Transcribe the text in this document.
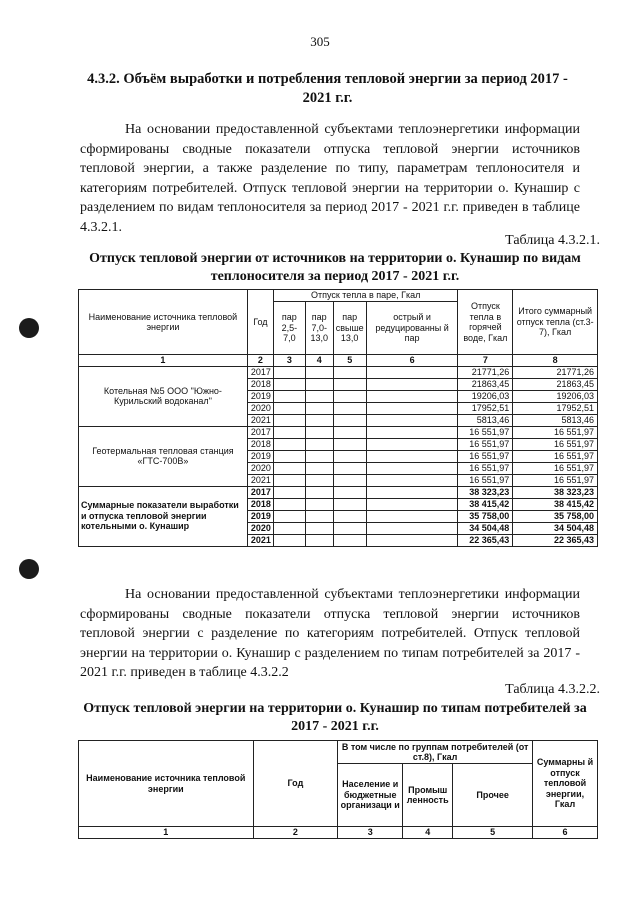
305
4.3.2. Объём выработки и потребления тепловой энергии за период 2017 - 2021 г.г.

На основании предоставленной субъектами теплоэнергетики информации сформированы сводные показатели отпуска тепловой энергии источников тепловой энергии, а также разделение по типу, параметрам теплоносителя и категориям потребителей. Отпуск тепловой энергии на территории о. Кунашир с разделением по видам теплоносителя за период 2017 - 2021 г.г. приведен в таблице 4.3.2.1.

Таблица 4.3.2.1.
Отпуск тепловой энергии от источников на территории о. Кунашир по видам теплоносителя за период 2017 - 2021 г.г.
Наименование источника тепловой энергии	Год	Отпуск тепла в паре, Гкал				Отпуск тепла в горячей воде, Гкал	Итого суммарный отпуск тепла (ст.3-7), Гкал
		пар 2,5-7,0	пар 7,0-13,0	пар свыше 13,0	острый и редуцированны й пар		
1	2	3	4	5	6	7	8
Котельная №5 ООО "Южно-Курильский водоканал"	2017					21771,26	21771,26
	2018					21863,45	21863,45
	2019					19206,03	19206,03
	2020					17952,51	17952,51
	2021					5813,46	5813,46
Геотермальная тепловая станция «ГТС-700В»	2017					16 551,97	16 551,97
	2018					16 551,97	16 551,97
	2019					16 551,97	16 551,97
	2020					16 551,97	16 551,97
	2021					16 551,97	16 551,97
Суммарные показатели выработки и отпуска тепловой энергии котельными о. Кунашир	2017					38 323,23	38 323,23
	2018					38 415,42	38 415,42
	2019					35 758,00	35 758,00
	2020					34 504,48	34 504,48
	2021					22 365,43	22 365,43

На основании предоставленной субъектами теплоэнергетики информации сформированы сводные показатели отпуска тепловой энергии источников тепловой энергии с разделение по категориям потребителей. Отпуск тепловой энергии на территории о. Кунашир с разделением по типам потребителей за 2017 - 2021 г.г. приведен в таблице 4.3.2.2

Таблица 4.3.2.2.
Отпуск тепловой энергии на территории о. Кунашир по типам потребителей за 2017 - 2021 г.г.
Наименование источника тепловой энергии	Год	В том числе по группам потребителей (от ст.8), Гкал			Суммарны й отпуск тепловой энергии, Гкал
		Население и бюджетные организаци и	Промыш ленность	Прочее	
1	2	3	4	5	6
